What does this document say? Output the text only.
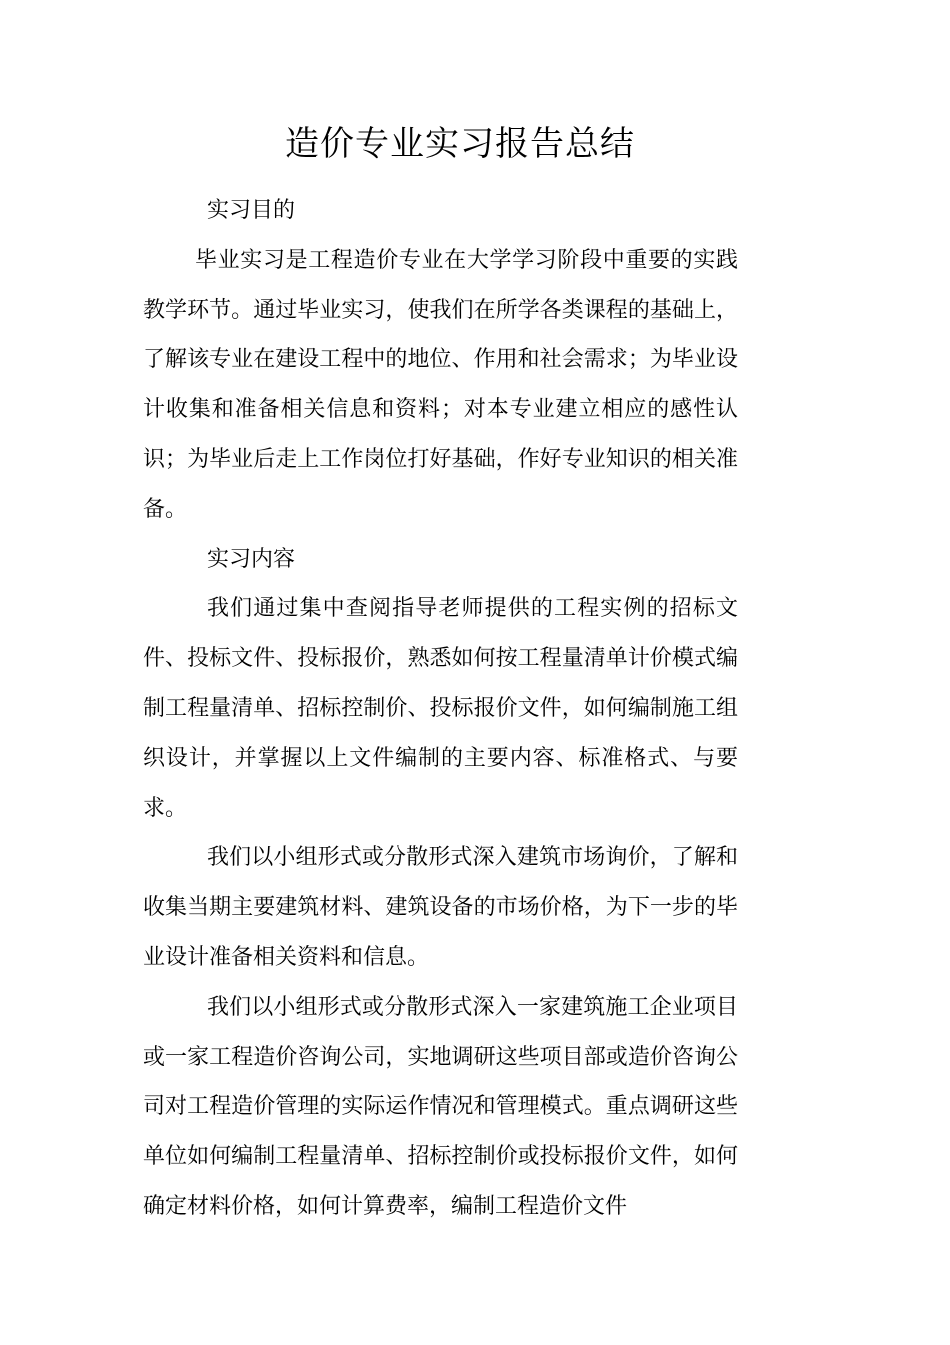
造价专业实习报告总结

实习目的

毕业实习是工程造价专业在大学学习阶段中重要的实践教学环节。通过毕业实习，使我们在所学各类课程的基础上，了解该专业在建设工程中的地位、作用和社会需求；为毕业设计收集和准备相关信息和资料；对本专业建立相应的感性认识；为毕业后走上工作岗位打好基础，作好专业知识的相关准备。

实习内容

我们通过集中查阅指导老师提供的工程实例的招标文件、投标文件、投标报价，熟悉如何按工程量清单计价模式编制工程量清单、招标控制价、投标报价文件，如何编制施工组织设计，并掌握以上文件编制的主要内容、标准格式、与要求。

我们以小组形式或分散形式深入建筑市场询价，了解和收集当期主要建筑材料、建筑设备的市场价格，为下一步的毕业设计准备相关资料和信息。

我们以小组形式或分散形式深入一家建筑施工企业项目或一家工程造价咨询公司，实地调研这些项目部或造价咨询公司对工程造价管理的实际运作情况和管理模式。重点调研这些单位如何编制工程量清单、招标控制价或投标报价文件，如何确定材料价格，如何计算费率，编制工程造价文件
